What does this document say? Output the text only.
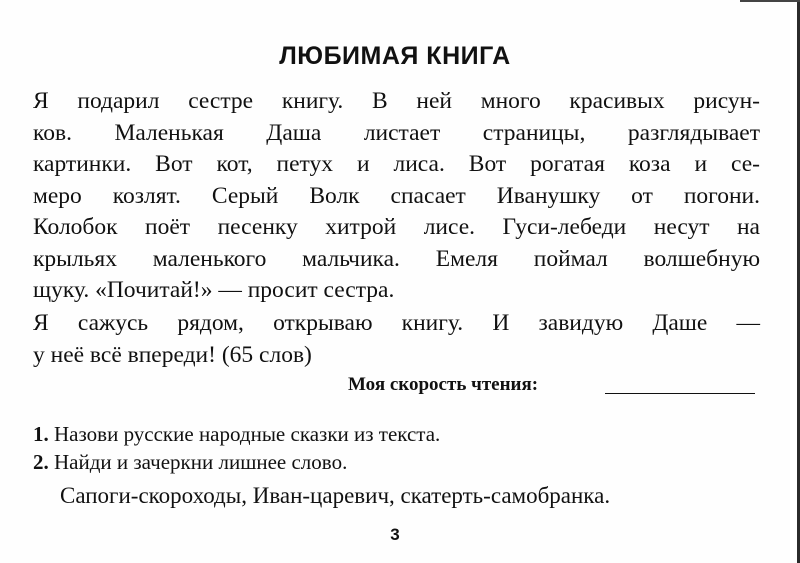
ЛЮБИМАЯ КНИГА
Я подарил сестре книгу. В ней много красивых рисун-
ков. Маленькая Даша листает страницы, разглядывает
картинки. Вот кот, петух и лиса. Вот рогатая коза и се-
меро козлят. Серый Волк спасает Иванушку от погони.
Колобок поёт песенку хитрой лисе. Гуси-лебеди несут на
крыльях маленького мальчика. Емеля поймал волшебную
щуку. «Почитай!» — просит сестра.
Я сажусь рядом, открываю книгу. И завидую Даше —
у неё всё впереди! (65 слов)
Моя скорость чтения:
1. Назови русские народные сказки из текста.
2. Найди и зачеркни лишнее слово.
Сапоги-скороходы, Иван-царевич, скатерть-самобранка.
3
